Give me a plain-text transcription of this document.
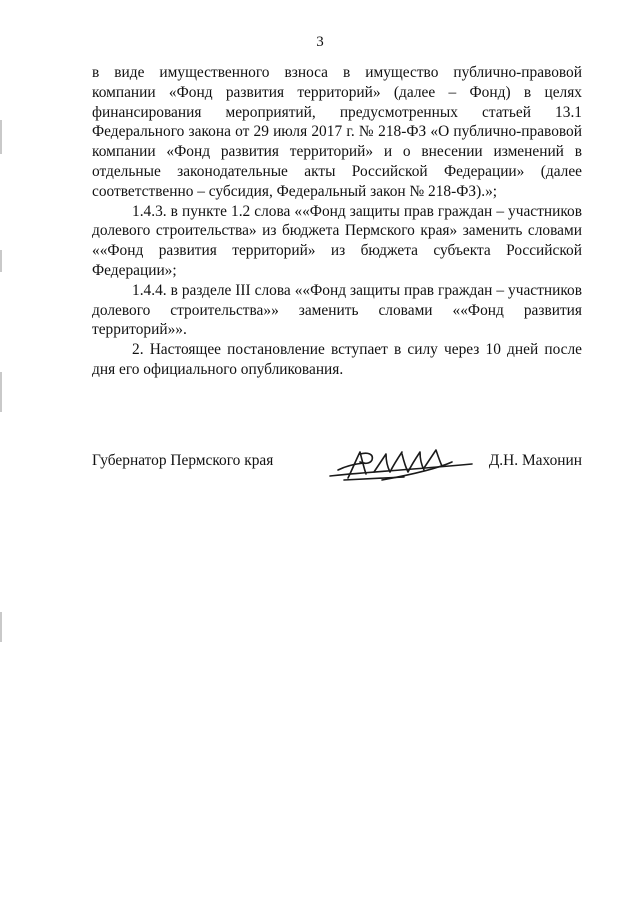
3

в виде имущественного взноса в имущество публично-правовой компании «Фонд развития территорий» (далее – Фонд) в целях финансирования мероприятий, предусмотренных статьей 13.1 Федерального закона от 29 июля 2017 г. № 218-ФЗ «О публично-правовой компании «Фонд развития территорий» и о внесении изменений в отдельные законодательные акты Российской Федерации» (далее соответственно – субсидия, Федеральный закон № 218-ФЗ).»;

1.4.3. в пункте 1.2 слова ««Фонд защиты прав граждан – участников долевого строительства» из бюджета Пермского края» заменить словами ««Фонд развития территорий» из бюджета субъекта Российской Федерации»;

1.4.4. в разделе III слова ««Фонд защиты прав граждан – участников долевого строительства»» заменить словами ««Фонд развития территорий»».

2. Настоящее постановление вступает в силу через 10 дней после дня его официального опубликования.

Губернатор Пермского края	Д.Н. Махонин
